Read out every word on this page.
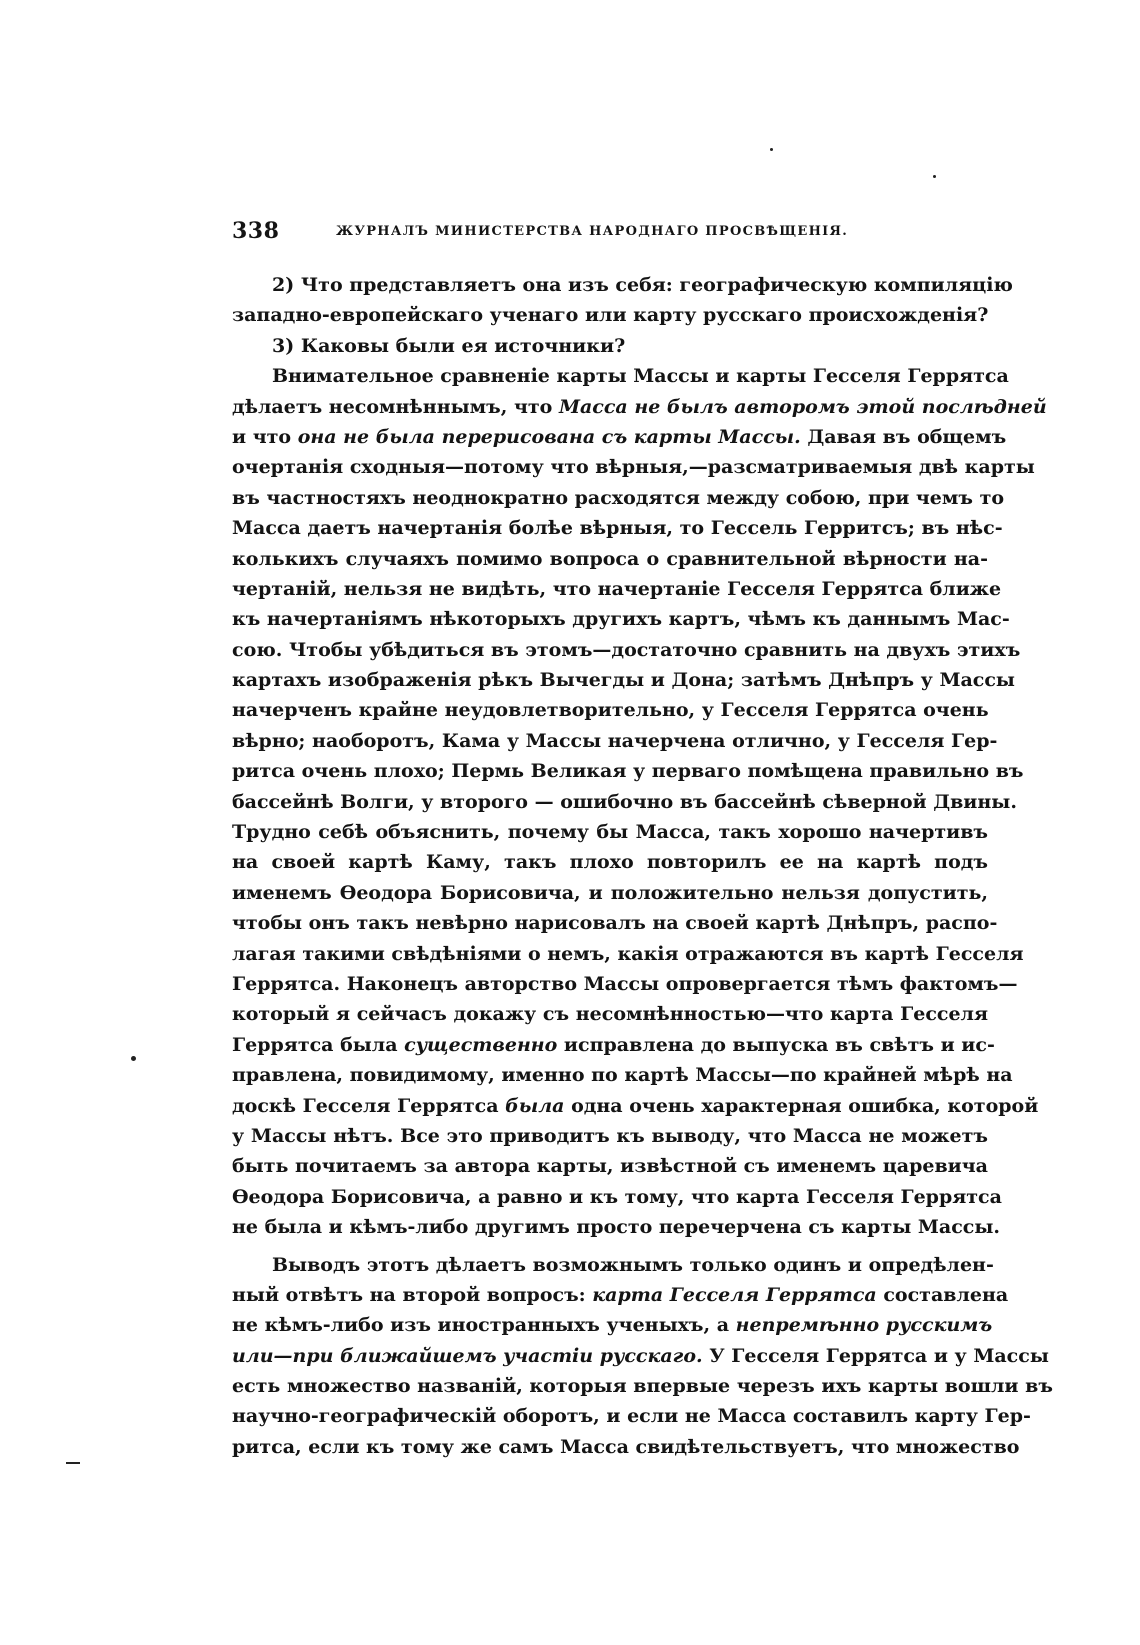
338	ЖУРНАЛЪ МИНИСТЕРСТВА НАРОДНАГО ПРОСВѢЩЕНІЯ.
2) Что представляетъ она изъ себя: географическую компиляцію
западно-европейскаго ученаго или карту русскаго происхожденія?
3) Каковы были ея источники?
Внимательное сравненіе карты Массы и карты Гесселя Геррятса
дѣлаетъ несомнѣннымъ, что Масса не былъ авторомъ этой послѣдней
и что она не была перерисована съ карты Массы. Давая въ общемъ
очертанія сходныя—потому что вѣрныя,—разсматриваемыя двѣ карты
въ частностяхъ неоднократно расходятся между собою, при чемъ то
Масса даетъ начертанія болѣе вѣрныя, то Гессель Герритсъ; въ нѣс-
колькихъ случаяхъ помимо вопроса о сравнительной вѣрности на-
чертаній, нельзя не видѣть, что начертаніе Гесселя Геррятса ближе
къ начертаніямъ нѣкоторыхъ другихъ картъ, чѣмъ къ даннымъ Мас-
сою. Чтобы убѣдиться въ этомъ—достаточно сравнить на двухъ этихъ
картахъ изображенія рѣкъ Вычегды и Дона; затѣмъ Днѣпръ у Массы
начерченъ крайне неудовлетворительно, у Гесселя Геррятса очень
вѣрно; наоборотъ, Кама у Массы начерчена отлично, у Гесселя Гер-
ритса очень плохо; Пермь Великая у перваго помѣщена правильно въ
бассейнѣ Волги, у второго — ошибочно въ бассейнѣ сѣверной Двины.
Трудно себѣ объяснить, почему бы Масса, такъ хорошо начертивъ
на своей картѣ Каму, такъ плохо повторилъ ее на картѣ подъ
именемъ Ѳеодора Борисовича, и положительно нельзя допустить,
чтобы онъ такъ невѣрно нарисовалъ на своей картѣ Днѣпръ, распо-
лагая такими свѣдѣніями о немъ, какія отражаются въ картѣ Гесселя
Геррятса. Наконецъ авторство Массы опровергается тѣмъ фактомъ—
который я сейчасъ докажу съ несомнѣнностью—что карта Гесселя
Геррятса была существенно исправлена до выпуска въ свѣтъ и ис-
правлена, повидимому, именно по картѣ Массы—по крайней мѣрѣ на
доскѣ Гесселя Геррятса была одна очень характерная ошибка, которой
у Массы нѣтъ. Все это приводитъ къ выводу, что Масса не можетъ
быть почитаемъ за автора карты, извѣстной съ именемъ царевича
Ѳеодора Борисовича, а равно и къ тому, что карта Гесселя Геррятса
не была и кѣмъ-либо другимъ просто перечерчена съ карты Массы.
Выводъ этотъ дѣлаетъ возможнымъ только одинъ и опредѣлен-
ный отвѣтъ на второй вопросъ: карта Гесселя Геррятса составлена
не кѣмъ-либо изъ иностранныхъ ученыхъ, а непремѣнно русскимъ
или—при ближайшемъ участіи русскаго. У Гесселя Геррятса и у Массы
есть множество названій, которыя впервые черезъ ихъ карты вошли въ
научно-географическій оборотъ, и если не Масса составилъ карту Гер-
ритса, если къ тому же самъ Масса свидѣтельствуетъ, что множество
